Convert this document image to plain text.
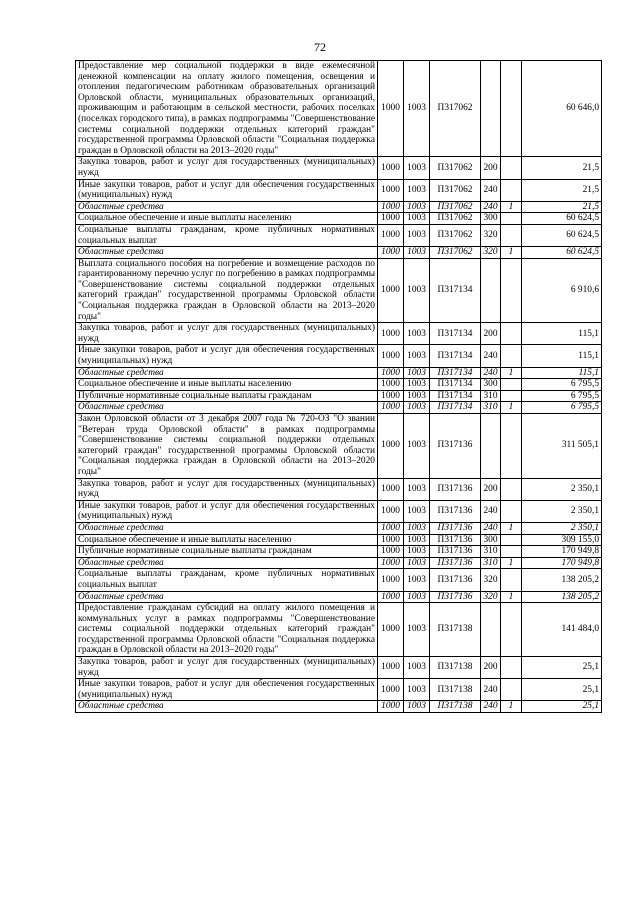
72
Предоставление мер социальной поддержки в виде ежемесячной денежной компенсации на оплату жилого помещения, освещения и отопления педагогическим работникам образовательных организаций Орловской области, муниципальных образовательных организаций, проживающим и работающим в сельской местности, рабочих поселках (поселках городского типа), в рамках подпрограммы "Совершенствование системы социальной поддержки отдельных категорий граждан" государственной программы Орловской области "Социальная поддержка граждан в Орловской области на 2013–2020 годы"	1000	1003	П317062			60 646,0
Закупка товаров, работ и услуг для государственных (муниципальных) нужд	1000	1003	П317062	200		21,5
Иные закупки товаров, работ и услуг для обеспечения государственных (муниципальных) нужд	1000	1003	П317062	240		21,5
Областные средства	1000	1003	П317062	240	1	21,5
Социальное обеспечение и иные выплаты населению	1000	1003	П317062	300		60 624,5
Социальные выплаты гражданам, кроме публичных нормативных социальных выплат	1000	1003	П317062	320		60 624,5
Областные средства	1000	1003	П317062	320	1	60 624,5
Выплата социального пособия на погребение и возмещение расходов по гарантированному перечню услуг по погребению в рамках подпрограммы "Совершенствование системы социальной поддержки отдельных категорий граждан" государственной программы Орловской области "Социальная поддержка граждан в Орловской области на 2013–2020 годы"	1000	1003	П317134			6 910,6
Закупка товаров, работ и услуг для государственных (муниципальных) нужд	1000	1003	П317134	200		115,1
Иные закупки товаров, работ и услуг для обеспечения государственных (муниципальных) нужд	1000	1003	П317134	240		115,1
Областные средства	1000	1003	П317134	240	1	115,1
Социальное обеспечение и иные выплаты населению	1000	1003	П317134	300		6 795,5
Публичные нормативные социальные выплаты гражданам	1000	1003	П317134	310		6 795,5
Областные средства	1000	1003	П317134	310	1	6 795,5
Закон Орловской области от 3 декабря 2007 года № 720-ОЗ "О звании "Ветеран труда Орловской области" в рамках подпрограммы "Совершенствование системы социальной поддержки отдельных категорий граждан" государственной программы Орловской области "Социальная поддержка граждан в Орловской области на 2013–2020 годы"	1000	1003	П317136			311 505,1
Закупка товаров, работ и услуг для государственных (муниципальных) нужд	1000	1003	П317136	200		2 350,1
Иные закупки товаров, работ и услуг для обеспечения государственных (муниципальных) нужд	1000	1003	П317136	240		2 350,1
Областные средства	1000	1003	П317136	240	1	2 350,1
Социальное обеспечение и иные выплаты населению	1000	1003	П317136	300		309 155,0
Публичные нормативные социальные выплаты гражданам	1000	1003	П317136	310		170 949,8
Областные средства	1000	1003	П317136	310	1	170 949,8
Социальные выплаты гражданам, кроме публичных нормативных социальных выплат	1000	1003	П317136	320		138 205,2
Областные средства	1000	1003	П317136	320	1	138 205,2
Предоставление гражданам субсидий на оплату жилого помещения и коммунальных услуг в рамках подпрограммы "Совершенствование системы социальной поддержки отдельных категорий граждан" государственной программы Орловской области "Социальная поддержка граждан в Орловской области на 2013–2020 годы"	1000	1003	П317138			141 484,0
Закупка товаров, работ и услуг для государственных (муниципальных) нужд	1000	1003	П317138	200		25,1
Иные закупки товаров, работ и услуг для обеспечения государственных (муниципальных) нужд	1000	1003	П317138	240		25,1
Областные средства	1000	1003	П317138	240	1	25,1
